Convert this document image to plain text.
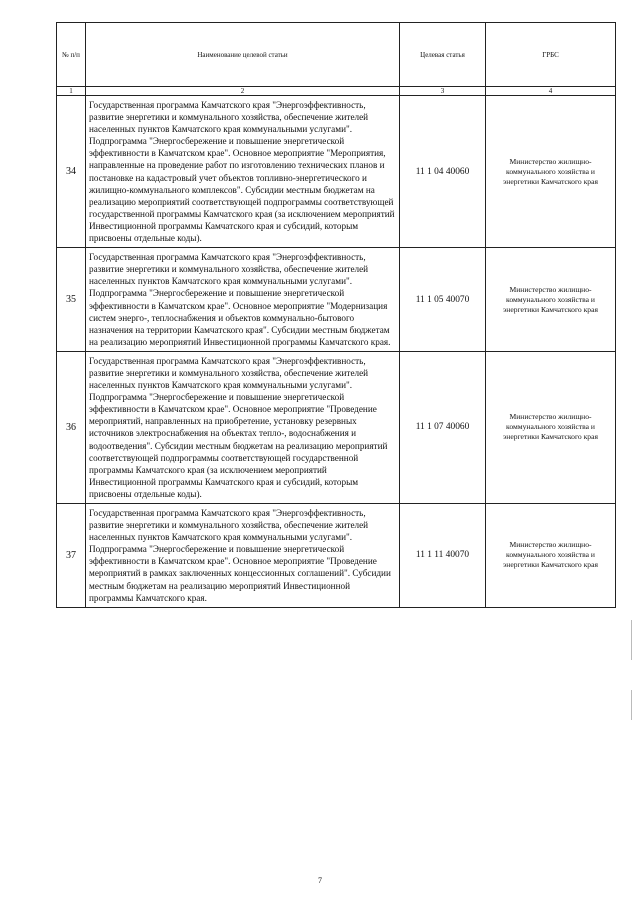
№ п/п	Наименование целевой статьи	Целевая статья	ГРБС
1	2	3	4
34	Государственная программа Камчатского края "Энергоэффективность, развитие энергетики и коммунального хозяйства, обеспечение жителей населенных пунктов Камчатского края коммунальными услугами". Подпрограмма "Энергосбережение и повышение энергетической эффективности в Камчатском крае". Основное мероприятие "Мероприятия, направленные на проведение работ по изготовлению технических планов и постановке на кадастровый учет объектов топливно-энергетического и жилищно-коммунального комплексов". Субсидии местным бюджетам на реализацию мероприятий соответствующей подпрограммы соответствующей государственной программы Камчатского края (за исключением мероприятий Инвестиционной программы Камчатского края и субсидий, которым присвоены отдельные коды).	11 1 04 40060	Министерство жилищно-коммунального хозяйства и энергетики Камчатского края
35	Государственная программа Камчатского края "Энергоэффективность, развитие энергетики и коммунального хозяйства, обеспечение жителей населенных пунктов Камчатского края коммунальными услугами". Подпрограмма "Энергосбережение и повышение энергетической эффективности в Камчатском крае". Основное мероприятие "Модернизация систем энерго-, теплоснабжения и объектов коммунально-бытового назначения на территории Камчатского края". Субсидии местным бюджетам на реализацию мероприятий Инвестиционной программы Камчатского края.	11 1 05 40070	Министерство жилищно-коммунального хозяйства и энергетики Камчатского края
36	Государственная программа Камчатского края "Энергоэффективность, развитие энергетики и коммунального хозяйства, обеспечение жителей населенных пунктов Камчатского края коммунальными услугами". Подпрограмма "Энергосбережение и повышение энергетической эффективности в Камчатском крае". Основное мероприятие "Проведение мероприятий, направленных на приобретение, установку резервных источников электроснабжения на объектах тепло-, водоснабжения и водоотведения". Субсидии местным бюджетам на реализацию мероприятий соответствующей подпрограммы соответствующей государственной программы Камчатского края (за исключением мероприятий Инвестиционной программы Камчатского края и субсидий, которым присвоены отдельные коды).	11 1 07 40060	Министерство жилищно-коммунального хозяйства и энергетики Камчатского края
37	Государственная программа Камчатского края "Энергоэффективность, развитие энергетики и коммунального хозяйства, обеспечение жителей населенных пунктов Камчатского края коммунальными услугами". Подпрограмма "Энергосбережение и повышение энергетической эффективности в Камчатском крае". Основное мероприятие "Проведение мероприятий в рамках заключенных концессионных соглашений". Субсидии местным бюджетам на реализацию мероприятий Инвестиционной программы Камчатского края.	11 1 11 40070	Министерство жилищно-коммунального хозяйства и энергетики Камчатского края
7
